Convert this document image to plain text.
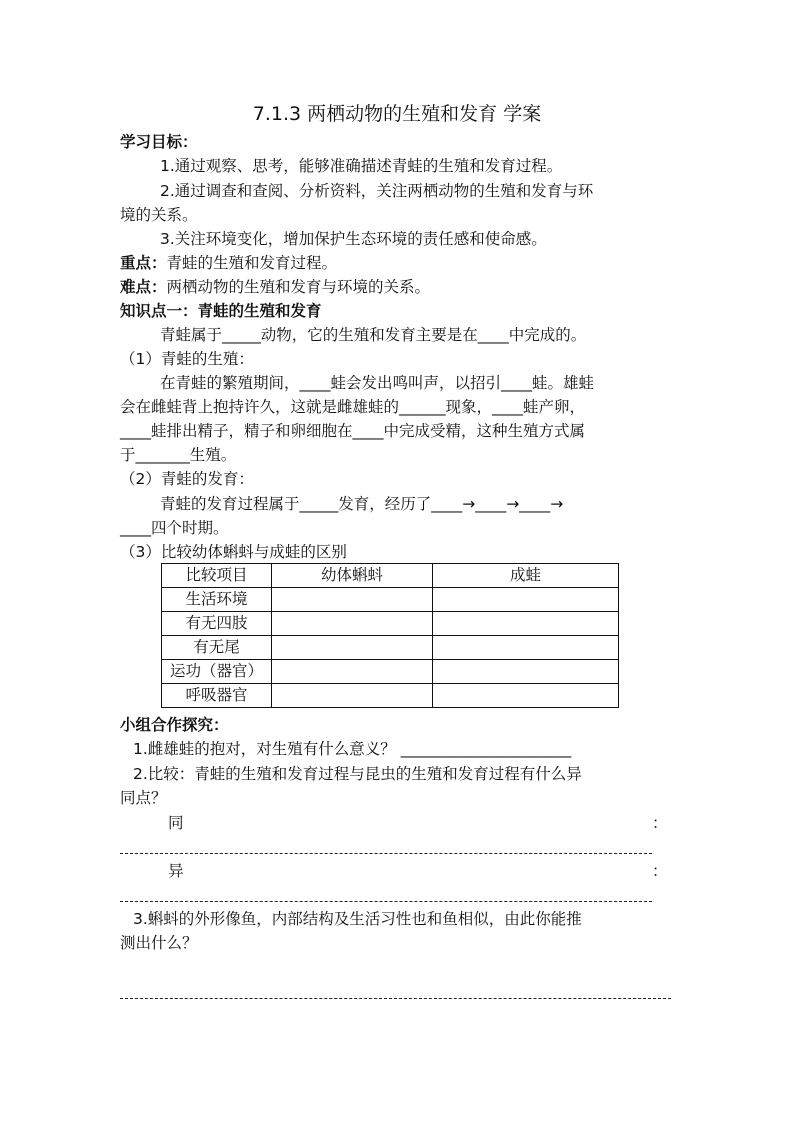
7.1.3 两栖动物的生殖和发育 学案
学习目标：
1.通过观察、思考，能够准确描述青蛙的生殖和发育过程。
2.通过调查和查阅、分析资料，关注两栖动物的生殖和发育与环
境的关系。
3.关注环境变化，增加保护生态环境的责任感和使命感。
重点：青蛙的生殖和发育过程。
难点：两栖动物的生殖和发育与环境的关系。
知识点一：青蛙的生殖和发育
青蛙属于_____动物，它的生殖和发育主要是在____中完成的。
（1）青蛙的生殖：
在青蛙的繁殖期间，____蛙会发出鸣叫声，以招引____蛙。雄蛙
会在雌蛙背上抱持许久，这就是雌雄蛙的______现象，____蛙产卵，
____蛙排出精子，精子和卵细胞在____中完成受精，这种生殖方式属
于_______生殖。
（2）青蛙的发育：
青蛙的发育过程属于_____发育，经历了____→____→____→
____四个时期。
（3）比较幼体蝌蚪与成蛙的区别
比较项目	幼体蝌蚪	成蛙
生活环境		
有无四肢		
有无尾		
运功（器官）		
呼吸器官		
小组合作探究：
1.雌雄蛙的抱对，对生殖有什么意义？ ______________________
2.比较：青蛙的生殖和发育过程与昆虫的生殖和发育过程有什么异
同点？
同	：
异	：
3.蝌蚪的外形像鱼，内部结构及生活习性也和鱼相似，由此你能推
测出什么？
